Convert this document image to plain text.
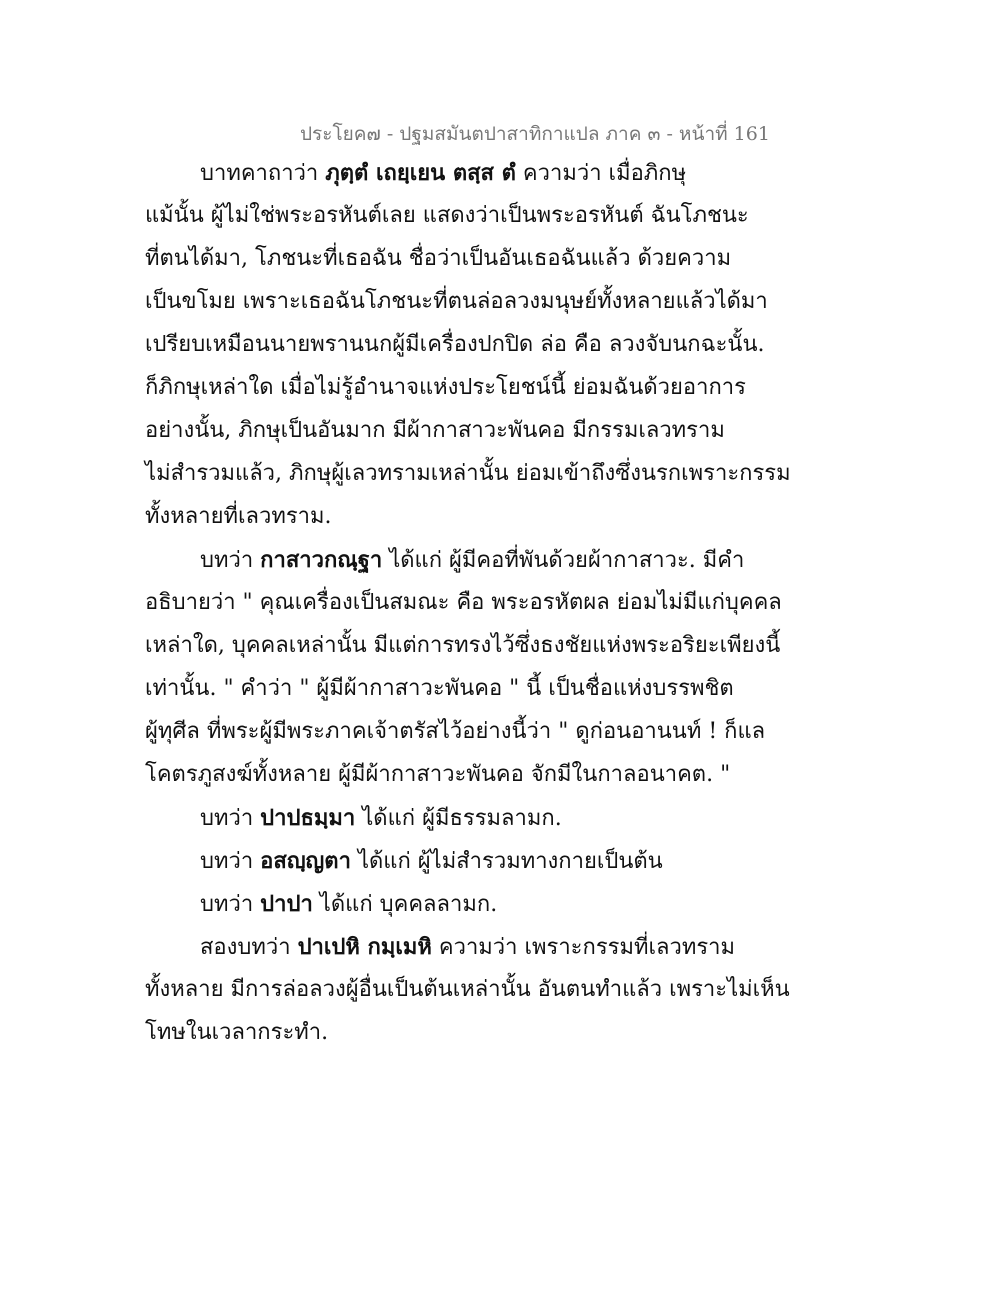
ประโยค๗ - ปฐมสมันตปาสาทิกาแปล ภาค ๓ - หน้าที่ 161
บาทคาถาว่า ภุตฺตํ เถยฺเยน ตสฺส ตํ ความว่า เมื่อภิกษุ
แม้นั้น ผู้ไม่ใช่พระอรหันต์เลย แสดงว่าเป็นพระอรหันต์ ฉันโภชนะ
ที่ตนได้มา, โภชนะที่เธอฉัน ชื่อว่าเป็นอันเธอฉันแล้ว ด้วยความ
เป็นขโมย เพราะเธอฉันโภชนะที่ตนล่อลวงมนุษย์ทั้งหลายแล้วได้มา
เปรียบเหมือนนายพรานนกผู้มีเครื่องปกปิด ล่อ คือ ลวงจับนกฉะนั้น.
ก็ภิกษุเหล่าใด เมื่อไม่รู้อำนาจแห่งประโยชน์นี้ ย่อมฉันด้วยอาการ
อย่างนั้น, ภิกษุเป็นอันมาก มีผ้ากาสาวะพันคอ มีกรรมเลวทราม
ไม่สำรวมแล้ว, ภิกษุผู้เลวทรามเหล่านั้น ย่อมเข้าถึงซึ่งนรกเพราะกรรม
ทั้งหลายที่เลวทราม.
บทว่า กาสาวกณฺฐา ได้แก่ ผู้มีคอที่พันด้วยผ้ากาสาวะ. มีคำ
อธิบายว่า " คุณเครื่องเป็นสมณะ คือ พระอรหัตผล ย่อมไม่มีแก่บุคคล
เหล่าใด, บุคคลเหล่านั้น มีแต่การทรงไว้ซึ่งธงชัยแห่งพระอริยะเพียงนี้
เท่านั้น. " คำว่า " ผู้มีผ้ากาสาวะพันคอ " นี้ เป็นชื่อแห่งบรรพชิต
ผู้ทุศีล ที่พระผู้มีพระภาคเจ้าตรัสไว้อย่างนี้ว่า " ดูก่อนอานนท์ ! ก็แล
โคตรภูสงฆ์ทั้งหลาย ผู้มีผ้ากาสาวะพันคอ จักมีในกาลอนาคต. "
บทว่า ปาปธมฺมา ได้แก่ ผู้มีธรรมลามก.
บทว่า อสญฺญตา ได้แก่ ผู้ไม่สำรวมทางกายเป็นต้น
บทว่า ปาปา ได้แก่ บุคคลลามก.
สองบทว่า ปาเปหิ กมฺเมหิ ความว่า เพราะกรรมที่เลวทราม
ทั้งหลาย มีการล่อลวงผู้อื่นเป็นต้นเหล่านั้น อันตนทำแล้ว เพราะไม่เห็น
โทษในเวลากระทำ.
